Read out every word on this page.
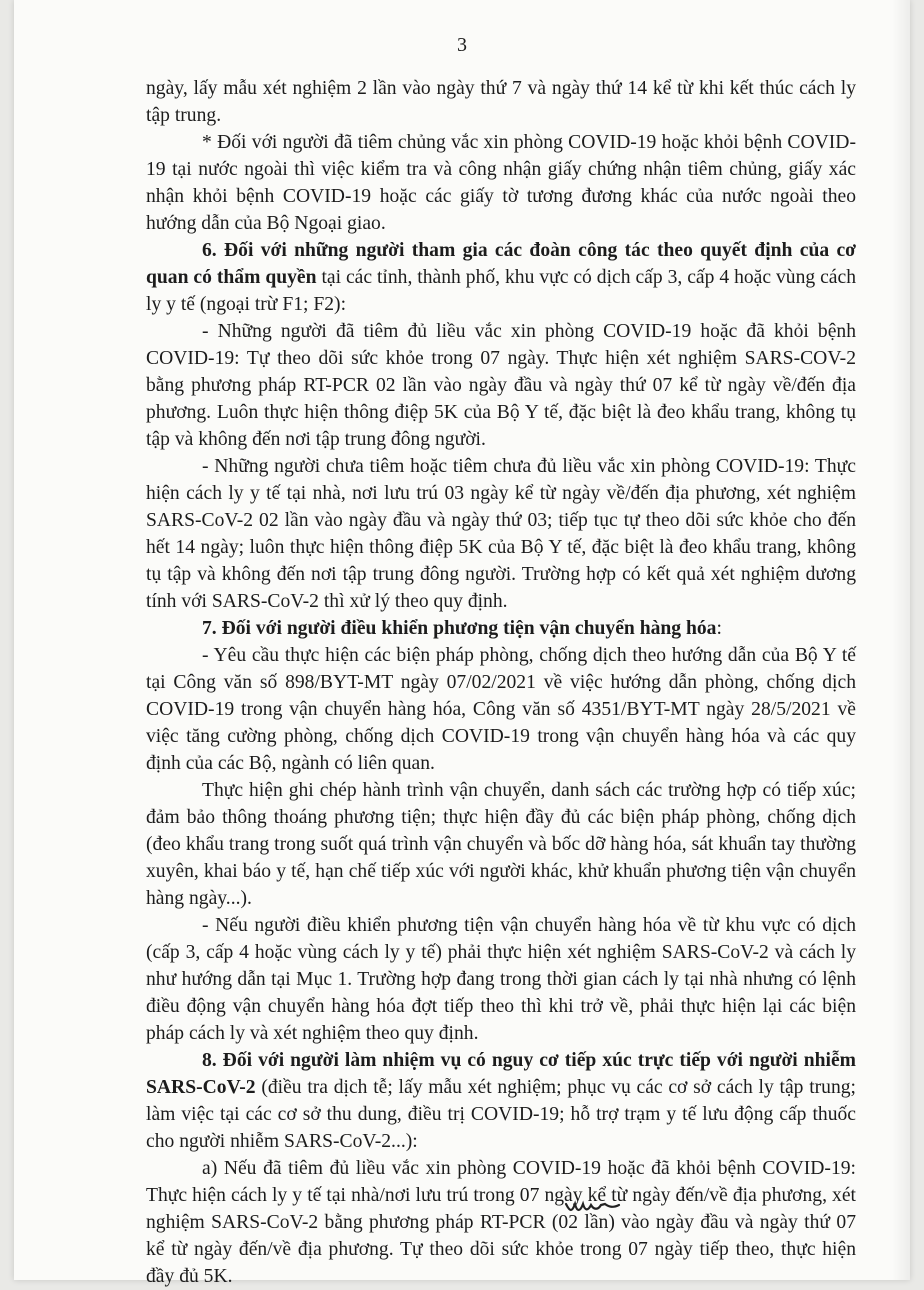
3

ngày, lấy mẫu xét nghiệm 2 lần vào ngày thứ 7 và ngày thứ 14 kể từ khi kết thúc cách ly tập trung.

* Đối với người đã tiêm chủng vắc xin phòng COVID-19 hoặc khỏi bệnh COVID-19 tại nước ngoài thì việc kiểm tra và công nhận giấy chứng nhận tiêm chủng, giấy xác nhận khỏi bệnh COVID-19 hoặc các giấy tờ tương đương khác của nước ngoài theo hướng dẫn của Bộ Ngoại giao.

6. Đối với những người tham gia các đoàn công tác theo quyết định của cơ quan có thẩm quyền tại các tỉnh, thành phố, khu vực có dịch cấp 3, cấp 4 hoặc vùng cách ly y tế (ngoại trừ F1; F2):

- Những người đã tiêm đủ liều vắc xin phòng COVID-19 hoặc đã khỏi bệnh COVID-19: Tự theo dõi sức khỏe trong 07 ngày. Thực hiện xét nghiệm SARS-COV-2 bằng phương pháp RT-PCR 02 lần vào ngày đầu và ngày thứ 07 kể từ ngày về/đến địa phương. Luôn thực hiện thông điệp 5K của Bộ Y tế, đặc biệt là đeo khẩu trang, không tụ tập và không đến nơi tập trung đông người.

- Những người chưa tiêm hoặc tiêm chưa đủ liều vắc xin phòng COVID-19: Thực hiện cách ly y tế tại nhà, nơi lưu trú 03 ngày kể từ ngày về/đến địa phương, xét nghiệm SARS-CoV-2 02 lần vào ngày đầu và ngày thứ 03; tiếp tục tự theo dõi sức khỏe cho đến hết 14 ngày; luôn thực hiện thông điệp 5K của Bộ Y tế, đặc biệt là đeo khẩu trang, không tụ tập và không đến nơi tập trung đông người. Trường hợp có kết quả xét nghiệm dương tính với SARS-CoV-2 thì xử lý theo quy định.

7. Đối với người điều khiển phương tiện vận chuyển hàng hóa:

- Yêu cầu thực hiện các biện pháp phòng, chống dịch theo hướng dẫn của Bộ Y tế tại Công văn số 898/BYT-MT ngày 07/02/2021 về việc hướng dẫn phòng, chống dịch COVID-19 trong vận chuyển hàng hóa, Công văn số 4351/BYT-MT ngày 28/5/2021 về việc tăng cường phòng, chống dịch COVID-19 trong vận chuyển hàng hóa và các quy định của các Bộ, ngành có liên quan.

Thực hiện ghi chép hành trình vận chuyển, danh sách các trường hợp có tiếp xúc; đảm bảo thông thoáng phương tiện; thực hiện đầy đủ các biện pháp phòng, chống dịch (đeo khẩu trang trong suốt quá trình vận chuyển và bốc dỡ hàng hóa, sát khuẩn tay thường xuyên, khai báo y tế, hạn chế tiếp xúc với người khác, khử khuẩn phương tiện vận chuyển hàng ngày...).

- Nếu người điều khiển phương tiện vận chuyển hàng hóa về từ khu vực có dịch (cấp 3, cấp 4 hoặc vùng cách ly y tế) phải thực hiện xét nghiệm SARS-CoV-2 và cách ly như hướng dẫn tại Mục 1. Trường hợp đang trong thời gian cách ly tại nhà nhưng có lệnh điều động vận chuyển hàng hóa đợt tiếp theo thì khi trở về, phải thực hiện lại các biện pháp cách ly và xét nghiệm theo quy định.

8. Đối với người làm nhiệm vụ có nguy cơ tiếp xúc trực tiếp với người nhiễm SARS-CoV-2 (điều tra dịch tễ; lấy mẫu xét nghiệm; phục vụ các cơ sở cách ly tập trung; làm việc tại các cơ sở thu dung, điều trị COVID-19; hỗ trợ trạm y tế lưu động cấp thuốc cho người nhiễm SARS-CoV-2...):

a) Nếu đã tiêm đủ liều vắc xin phòng COVID-19 hoặc đã khỏi bệnh COVID-19: Thực hiện cách ly y tế tại nhà/nơi lưu trú trong 07 ngày kể từ ngày đến/về địa phương, xét nghiệm SARS-CoV-2 bằng phương pháp RT-PCR (02 lần) vào ngày đầu và ngày thứ 07 kể từ ngày đến/về địa phương. Tự theo dõi sức khỏe trong 07 ngày tiếp theo, thực hiện đầy đủ 5K.
